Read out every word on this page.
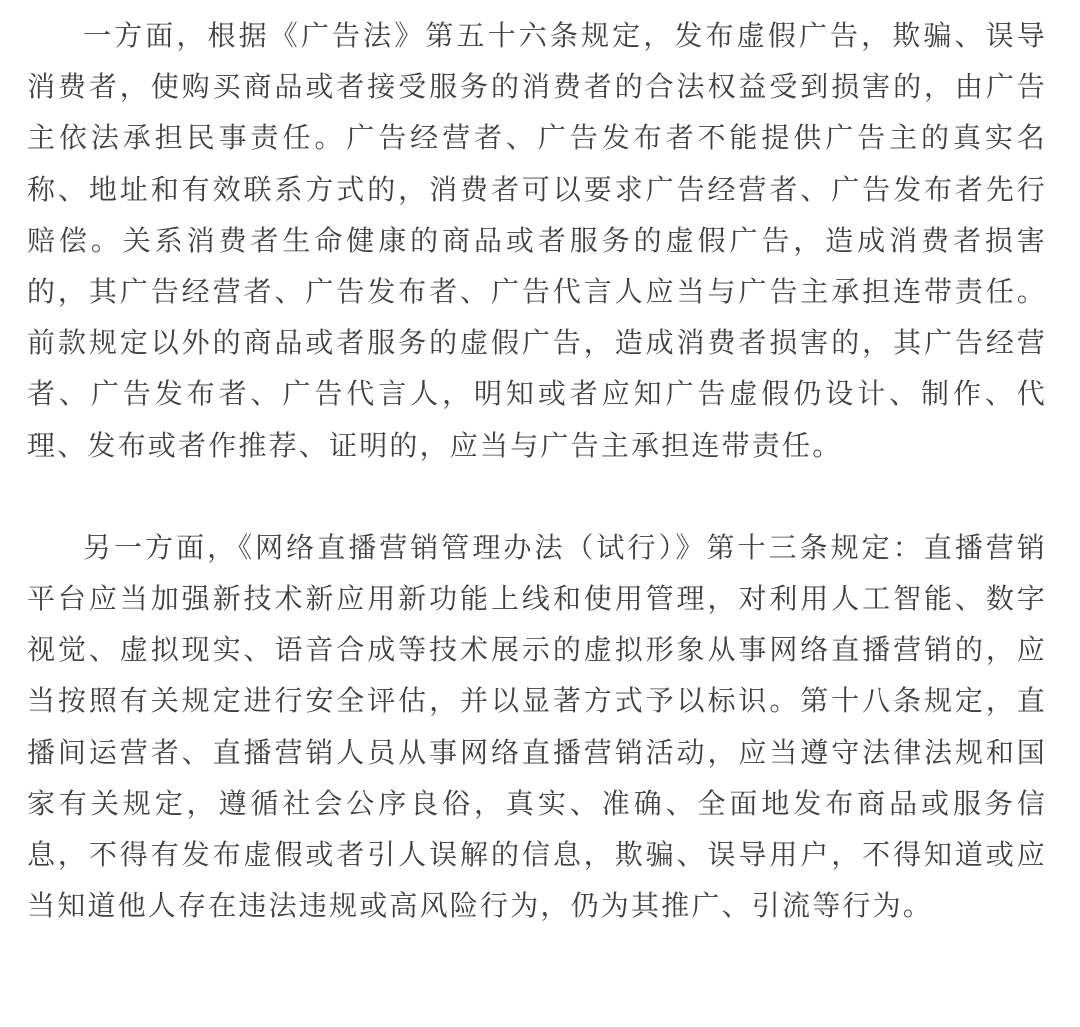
一方面，根据《广告法》第五十六条规定，发布虚假广告，欺骗、误导消费者，使购买商品或者接受服务的消费者的合法权益受到损害的，由广告主依法承担民事责任。广告经营者、广告发布者不能提供广告主的真实名称、地址和有效联系方式的，消费者可以要求广告经营者、广告发布者先行赔偿。关系消费者生命健康的商品或者服务的虚假广告，造成消费者损害的，其广告经营者、广告发布者、广告代言人应当与广告主承担连带责任。前款规定以外的商品或者服务的虚假广告，造成消费者损害的，其广告经营者、广告发布者、广告代言人，明知或者应知广告虚假仍设计、制作、代理、发布或者作推荐、证明的，应当与广告主承担连带责任。

另一方面，《网络直播营销管理办法（试行）》第十三条规定：直播营销平台应当加强新技术新应用新功能上线和使用管理，对利用人工智能、数字视觉、虚拟现实、语音合成等技术展示的虚拟形象从事网络直播营销的，应当按照有关规定进行安全评估，并以显著方式予以标识。第十八条规定，直播间运营者、直播营销人员从事网络直播营销活动，应当遵守法律法规和国家有关规定，遵循社会公序良俗，真实、准确、全面地发布商品或服务信息，不得有发布虚假或者引人误解的信息，欺骗、误导用户，不得知道或应当知道他人存在违法违规或高风险行为，仍为其推广、引流等行为。
